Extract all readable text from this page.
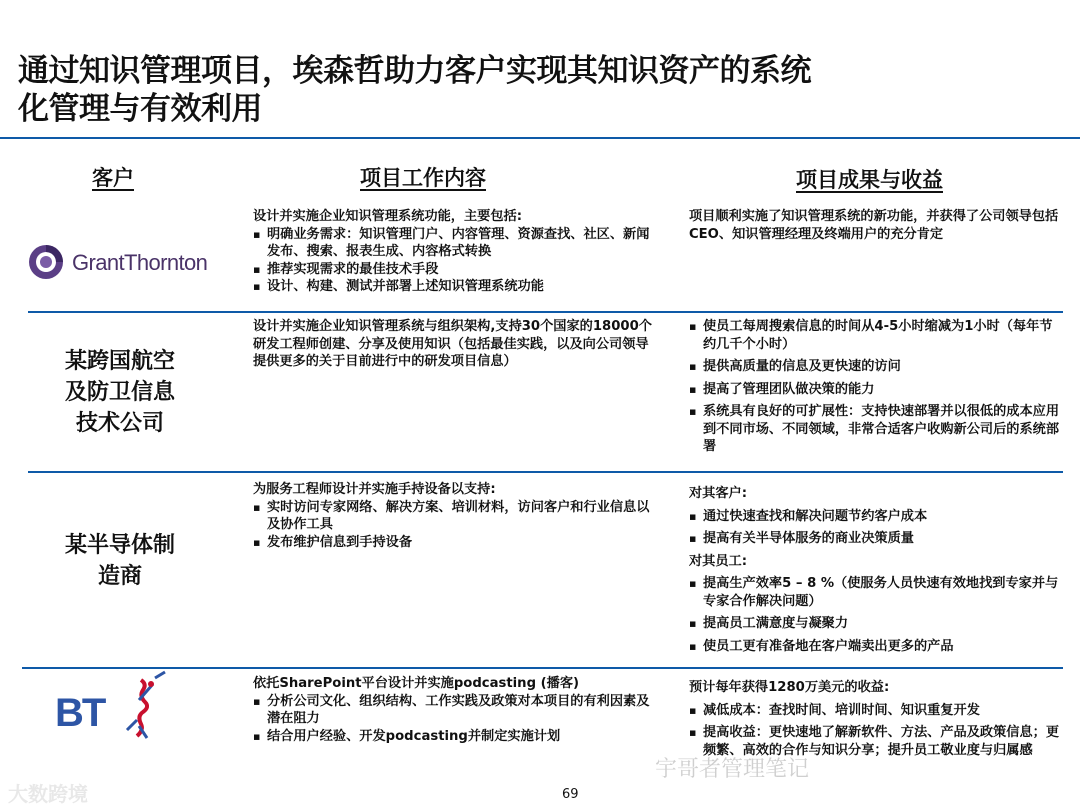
通过知识管理项目，埃森哲助力客户实现其知识资产的系统
化管理与有效利用
客户	项目工作内容	项目成果与收益
GrantThornton
设计并实施企业知识管理系统功能，主要包括:
▪ 明确业务需求：知识管理门户、内容管理、资源查找、社区、新闻发布、搜索、报表生成、内容格式转换
▪ 推荐实现需求的最佳技术手段
▪ 设计、构建、测试并部署上述知识管理系统功能
项目顺利实施了知识管理系统的新功能，并获得了公司领导包括CEO、知识管理经理及终端用户的充分肯定
某跨国航空
及防卫信息
技术公司
设计并实施企业知识管理系统与组织架构,支持30个国家的18000个研发工程师创建、分享及使用知识（包括最佳实践，以及向公司领导提供更多的关于目前进行中的研发项目信息）
▪ 使员工每周搜索信息的时间从4-5小时缩减为1小时（每年节约几千个小时）
▪ 提供高质量的信息及更快速的访问
▪ 提高了管理团队做决策的能力
▪ 系统具有良好的可扩展性：支持快速部署并以很低的成本应用到不同市场、不同领域，非常合适客户收购新公司后的系统部署
某半导体制
造商
为服务工程师设计并实施手持设备以支持:
▪ 实时访问专家网络、解决方案、培训材料，访问客户和行业信息以及协作工具
▪ 发布维护信息到手持设备
对其客户:
▪ 通过快速查找和解决问题节约客户成本
▪ 提高有关半导体服务的商业决策质量
对其员工:
▪ 提高生产效率5 – 8 %（使服务人员快速有效地找到专家并与专家合作解决问题）
▪ 提高员工满意度与凝聚力
▪ 使员工更有准备地在客户端卖出更多的产品
BT
依托SharePoint平台设计并实施podcasting (播客)
▪ 分析公司文化、组织结构、工作实践及政策对本项目的有利因素及潜在阻力
▪ 结合用户经验、开发podcasting并制定实施计划
预计每年获得1280万美元的收益:
▪ 减低成本：查找时间、培训时间、知识重复开发
▪ 提高收益：更快速地了解新软件、方法、产品及政策信息；更频繁、高效的合作与知识分享；提升员工敬业度与归属感
69
大数跨境
宇哥者管理笔记
